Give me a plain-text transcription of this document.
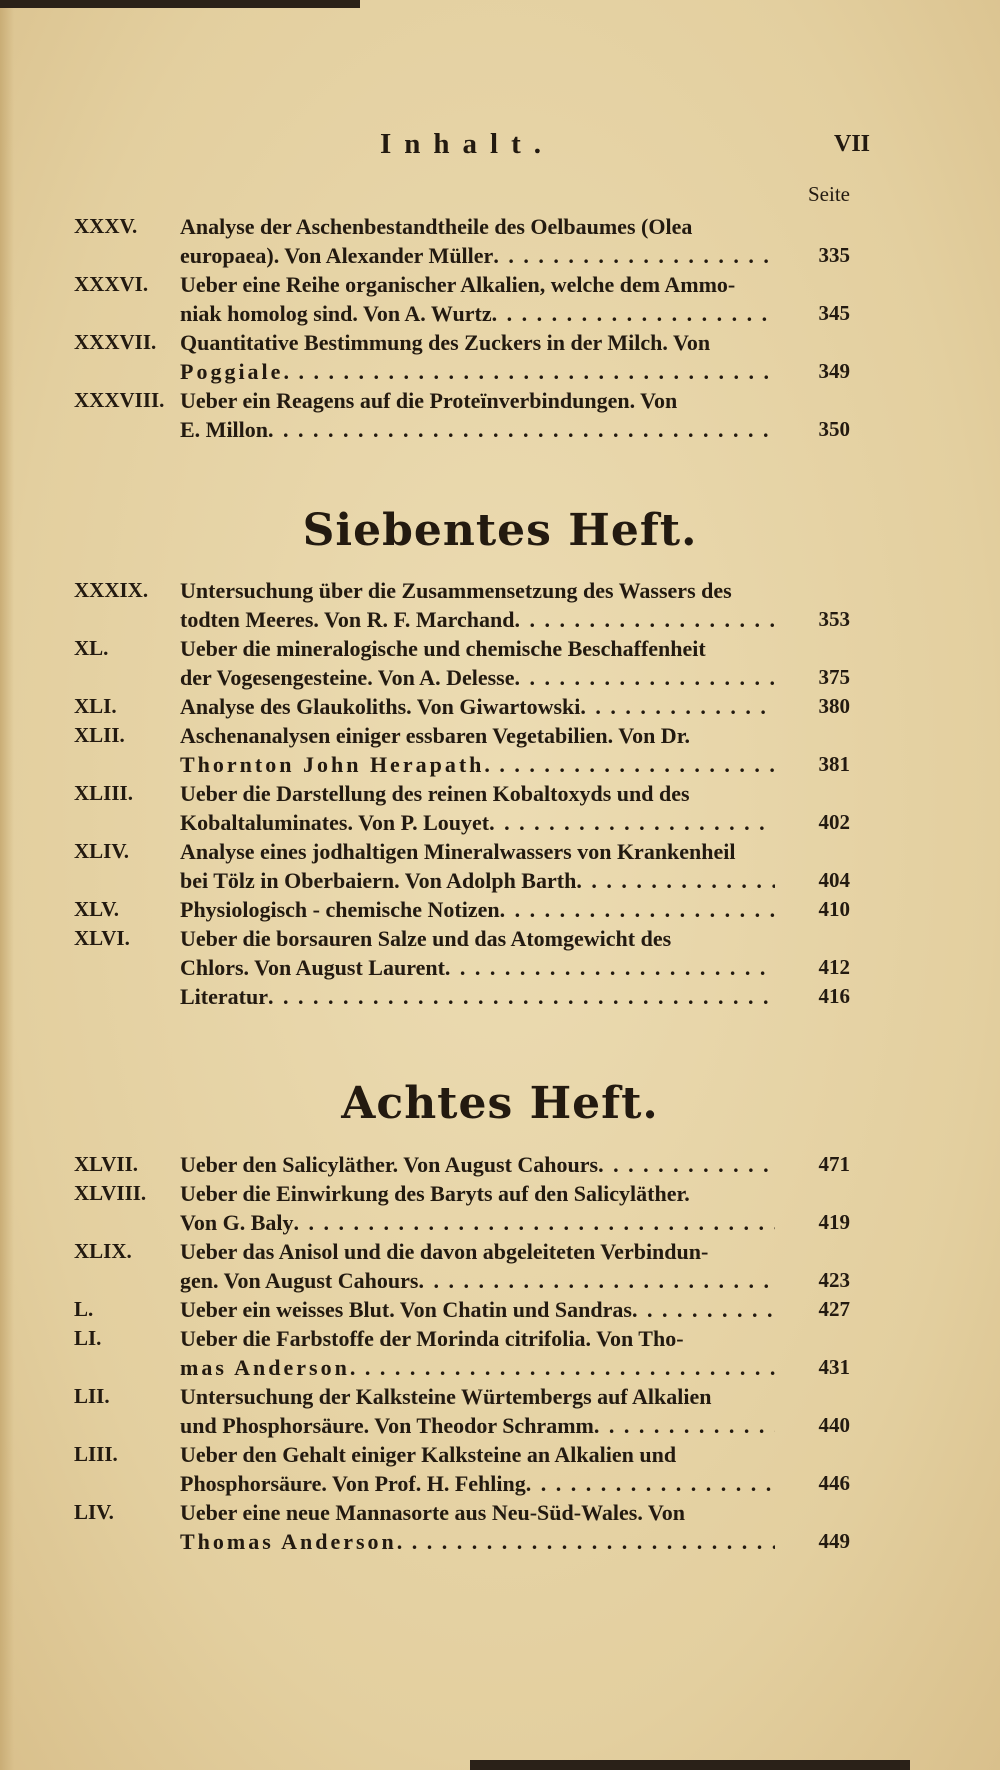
Inhalt.	VII
Seite
XXXV.	Analyse der Aschenbestandtheile des Oelbaumes (Olea
europaea). Von Alexander Müller . . .	335
XXXVI.	Ueber eine Reihe organischer Alkalien, welche dem Ammo-
niak homolog sind. Von A. Wurtz . . .	345
XXXVII.	Quantitative Bestimmung des Zuckers in der Milch. Von
Poggiale . . .	349
XXXVIII. Ueber ein Reagens auf die Proteïnverbindungen. Von
E. Millon . . .	350
Siebentes Heft.
XXXIX.	Untersuchung über die Zusammensetzung des Wassers des
todten Meeres. Von R. F. Marchand . . .	353
XL.	Ueber die mineralogische und chemische Beschaffenheit
der Vogesengesteine. Von A. Delesse . . .	375
XLI.	Analyse des Glaukoliths. Von Giwartowski . . .	380
XLII.	Aschenanalysen einiger essbaren Vegetabilien. Von Dr.
Thornton John Herapath . . .	381
XLIII.	Ueber die Darstellung des reinen Kobaltoxyds und des
Kobaltaluminates. Von P. Louyet . . .	402
XLIV.	Analyse eines jodhaltigen Mineralwassers von Krankenheil
bei Tölz in Oberbaiern. Von Adolph Barth . . .	404
XLV.	Physiologisch - chemische Notizen . . .	410
XLVI.	Ueber die borsauren Salze und das Atomgewicht des
Chlors. Von August Laurent . . .	412
Literatur . . .	416
Achtes Heft.
XLVII.	Ueber den Salicyläther. Von August Cahours . . .	471
XLVIII.	Ueber die Einwirkung des Baryts auf den Salicyläther.
Von G. Baly . . .	419
XLIX.	Ueber das Anisol und die davon abgeleiteten Verbindun-
gen. Von August Cahours . . .	423
L.	Ueber ein weisses Blut. Von Chatin und Sandras . . .	427
LI.	Ueber die Farbstoffe der Morinda citrifolia. Von Tho-
mas Anderson . . .	431
LII.	Untersuchung der Kalksteine Würtembergs auf Alkalien
und Phosphorsäure. Von Theodor Schramm . . .	440
LIII.	Ueber den Gehalt einiger Kalksteine an Alkalien und
Phosphorsäure. Von Prof. H. Fehling . . .	446
LIV.	Ueber eine neue Mannasorte aus Neu-Süd-Wales. Von
Thomas Anderson . . .	449
